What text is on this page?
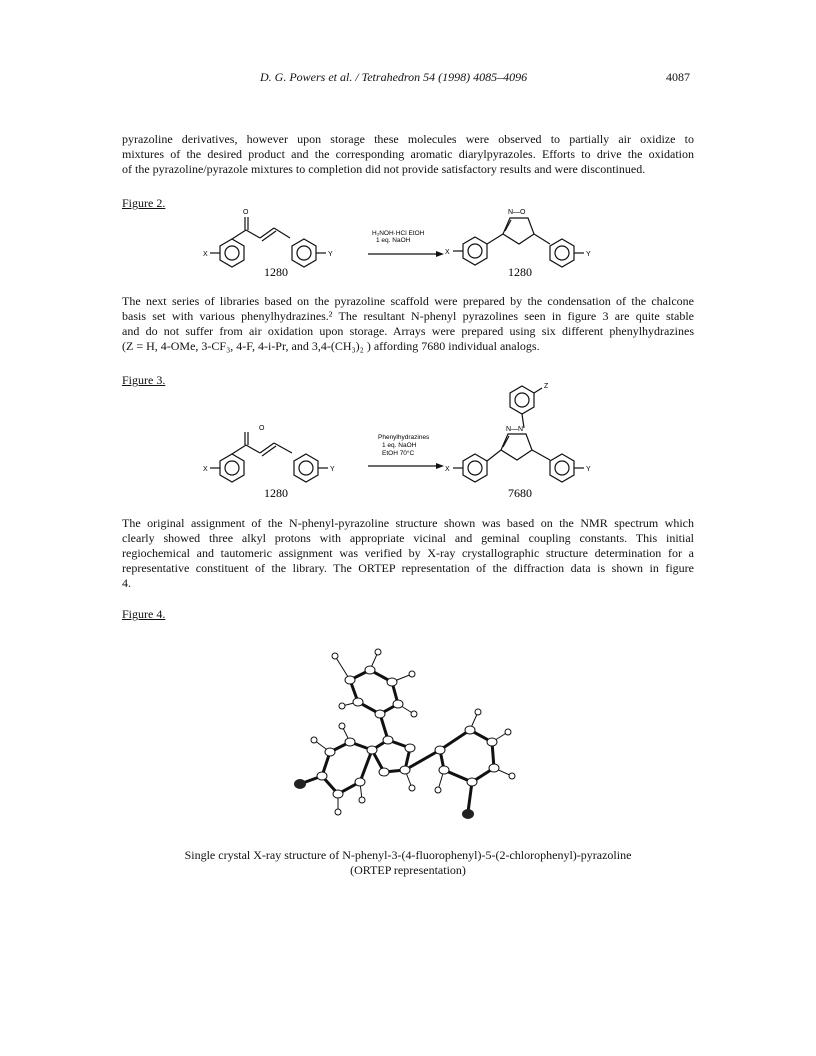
D. G. Powers et al. / Tetrahedron 54 (1998) 4085–4096	4087
pyrazoline derivatives, however upon storage these molecules were observed to partially air oxidize to
mixtures of the desired product and the corresponding aromatic diarylpyrazoles. Efforts to drive the oxidation
of the pyrazoline/pyrazole mixtures to completion did not provide satisfactory results and were discontinued.
Figure 2.
O
X	Y
H₂NOH·HCl EtOH
1 eq. NaOH
N—O
X	Y
1280	1280
The next series of libraries based on the pyrazoline scaffold were prepared by the condensation of the chalcone
basis set with various phenylhydrazines.² The resultant N-phenyl pyrazolines seen in figure 3 are quite stable
and do not suffer from air oxidation upon storage. Arrays were prepared using six different phenylhydrazines
(Z = H, 4-OMe, 3-CF₃, 4-F, 4-i-Pr, and 3,4-(CH₃)₂ ) affording 7680 individual analogs.
Figure 3.
O
X	Y
Phenylhydrazines
1 eq. NaOH
EtOH 70°C
Z
N—N
X	Y
1280	7680
The original assignment of the N-phenyl-pyrazoline structure shown was based on the NMR spectrum which
clearly showed three alkyl protons with appropriate vicinal and geminal coupling constants. This initial
regiochemical and tautomeric assignment was verified by X-ray crystallographic structure determination for a
representative constituent of the library. The ORTEP representation of the diffraction data is shown in figure
4.
Figure 4.
Single crystal X-ray structure of N-phenyl-3-(4-fluorophenyl)-5-(2-chlorophenyl)-pyrazoline
(ORTEP representation)
